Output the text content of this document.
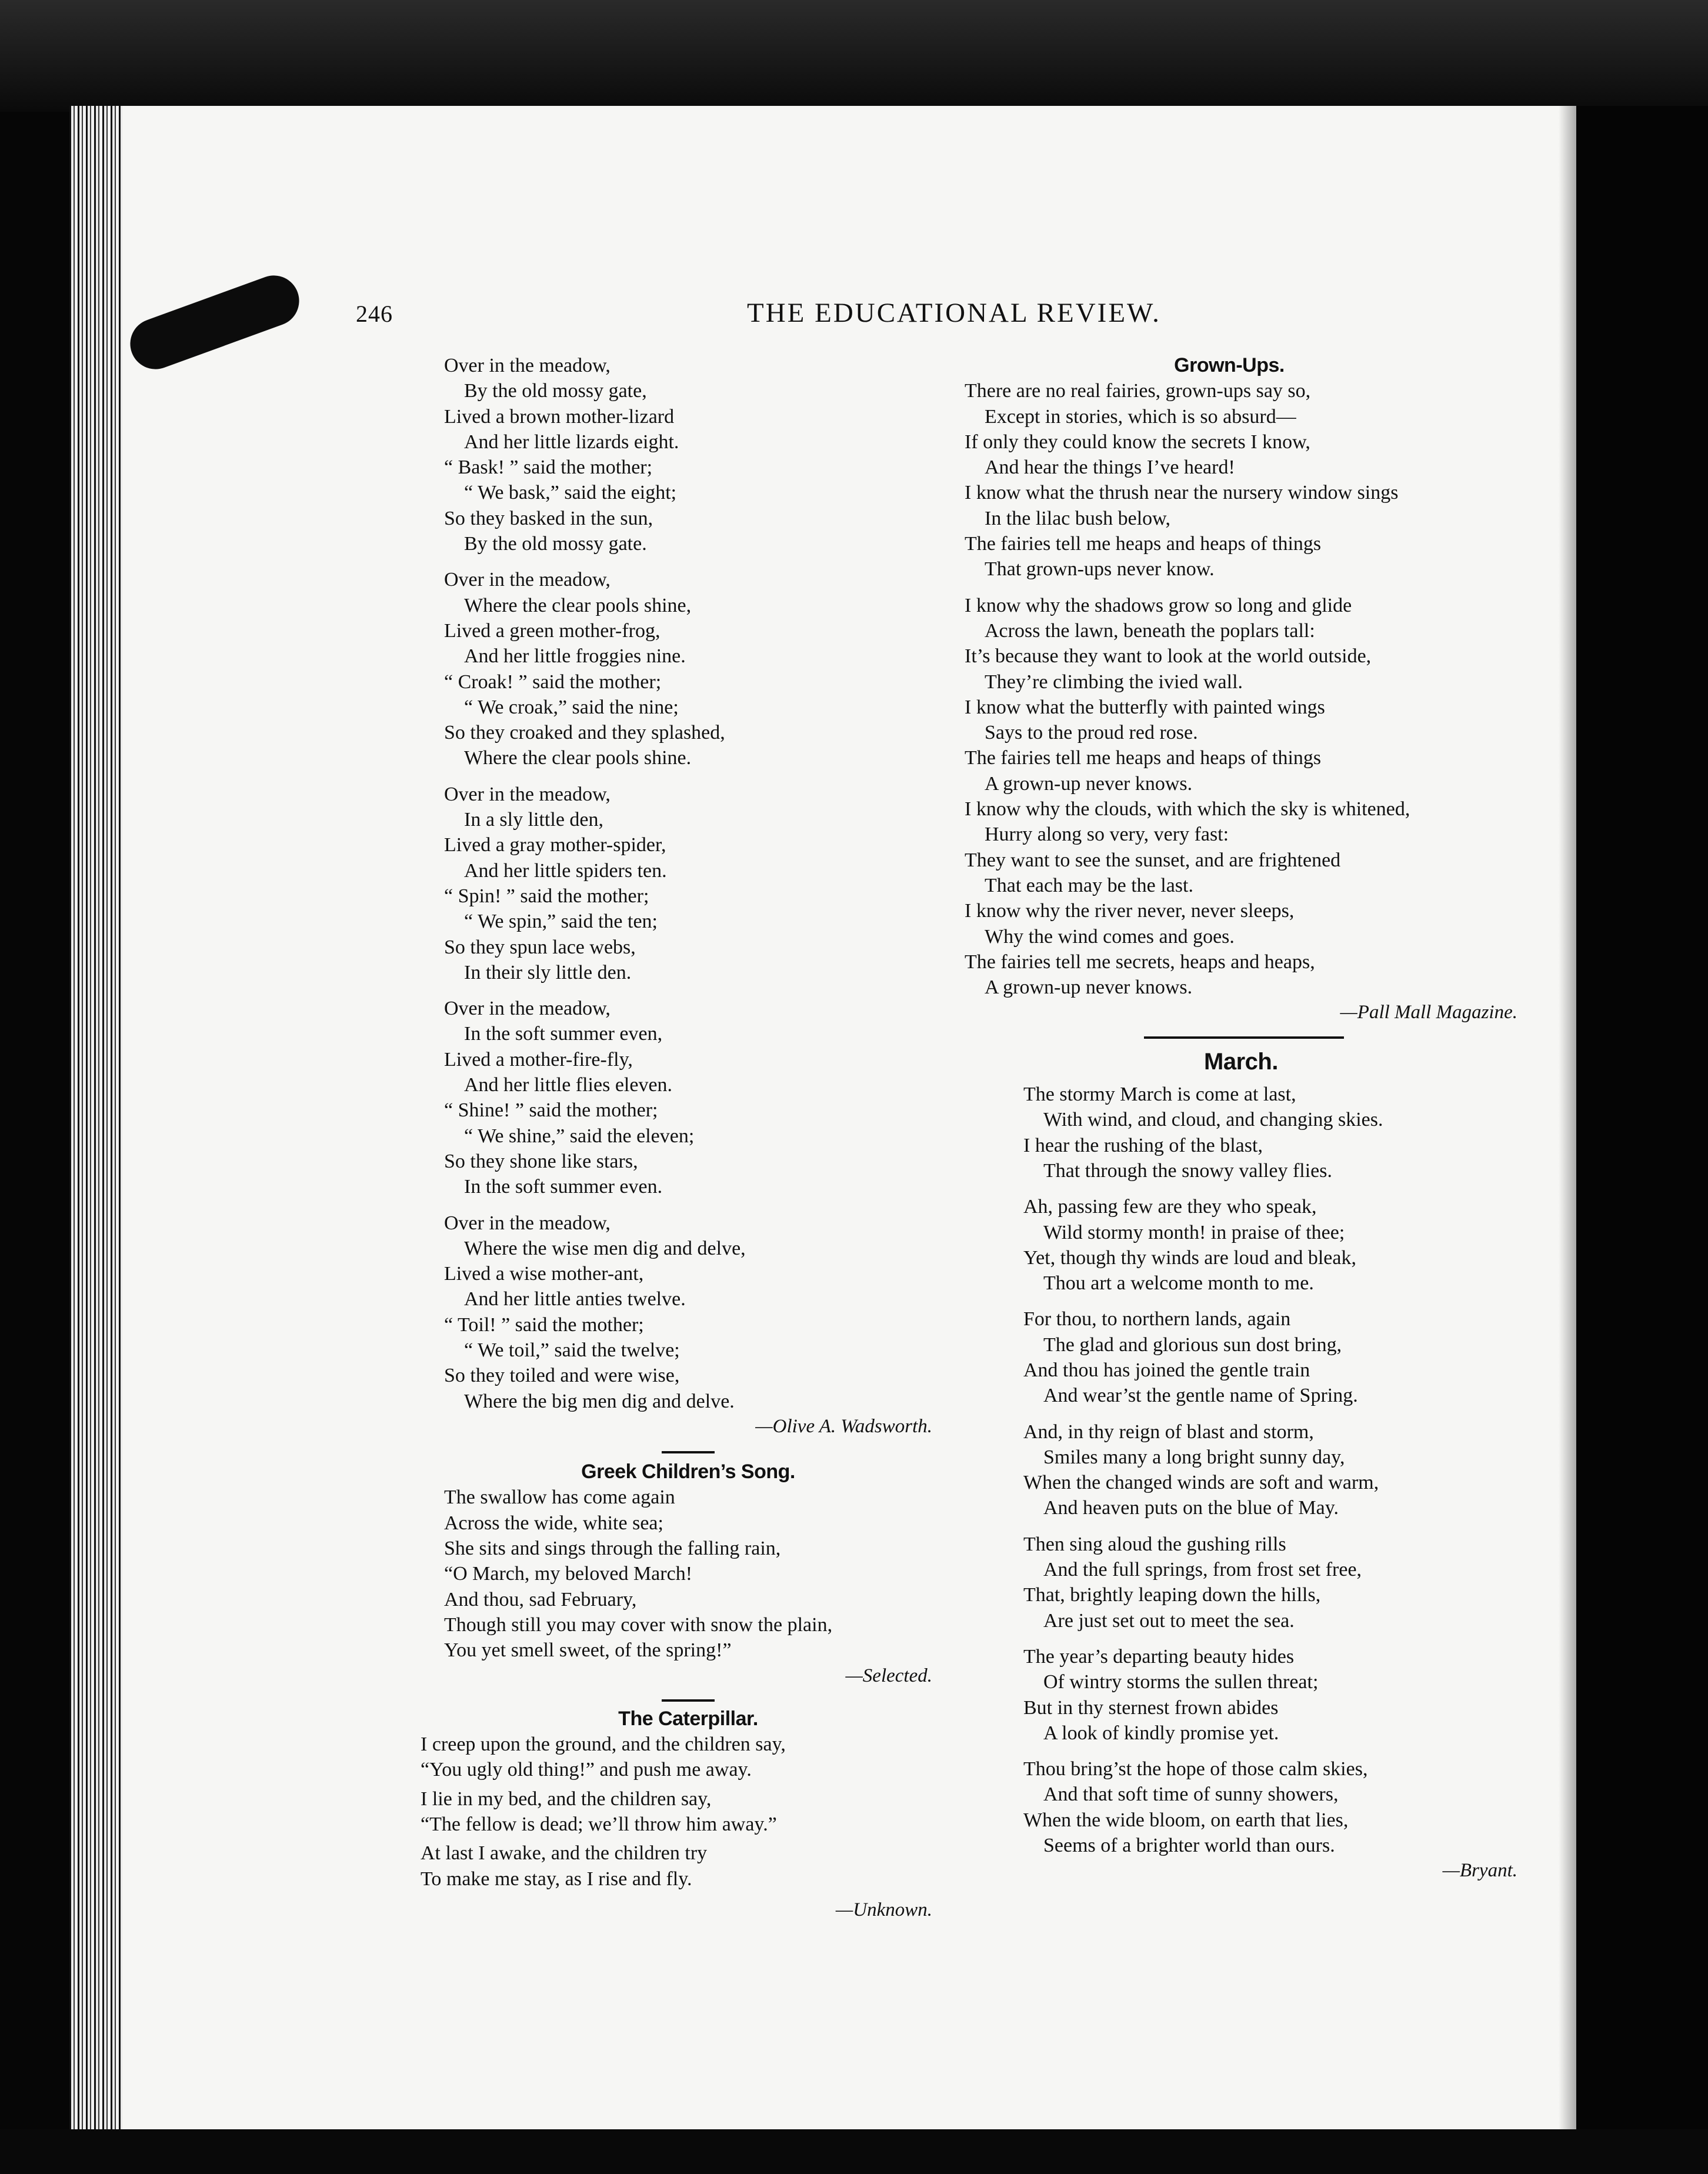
246	THE EDUCATIONAL REVIEW.
Over in the meadow,
By the old mossy gate,
Lived a brown mother-lizard
And her little lizards eight.
“ Bask! ” said the mother;
“ We bask,” said the eight;
So they basked in the sun,
By the old mossy gate.
Over in the meadow,
Where the clear pools shine,
Lived a green mother-frog,
And her little froggies nine.
“ Croak! ” said the mother;
“ We croak,” said the nine;
So they croaked and they splashed,
Where the clear pools shine.
Over in the meadow,
In a sly little den,
Lived a gray mother-spider,
And her little spiders ten.
“ Spin! ” said the mother;
“ We spin,” said the ten;
So they spun lace webs,
In their sly little den.
Over in the meadow,
In the soft summer even,
Lived a mother-fire-fly,
And her little flies eleven.
“ Shine! ” said the mother;
“ We shine,” said the eleven;
So they shone like stars,
In the soft summer even.
Over in the meadow,
Where the wise men dig and delve,
Lived a wise mother-ant,
And her little anties twelve.
“ Toil! ” said the mother;
“ We toil,” said the twelve;
So they toiled and were wise,
Where the big men dig and delve.
—Olive A. Wadsworth.
Greek Children’s Song.
The swallow has come again
Across the wide, white sea;
She sits and sings through the falling rain,
“O March, my beloved March!
And thou, sad February,
Though still you may cover with snow the plain,
You yet smell sweet, of the spring!”
—Selected.
The Caterpillar.
I creep upon the ground, and the children say,
“You ugly old thing!” and push me away.
I lie in my bed, and the children say,
“The fellow is dead; we’ll throw him away.”
At last I awake, and the children try
To make me stay, as I rise and fly.
—Unknown.
Grown-Ups.
There are no real fairies, grown-ups say so,
Except in stories, which is so absurd—
If only they could know the secrets I know,
And hear the things I’ve heard!
I know what the thrush near the nursery window sings
In the lilac bush below,
The fairies tell me heaps and heaps of things
That grown-ups never know.
I know why the shadows grow so long and glide
Across the lawn, beneath the poplars tall:
It’s because they want to look at the world outside,
They’re climbing the ivied wall.
I know what the butterfly with painted wings
Says to the proud red rose.
The fairies tell me heaps and heaps of things
A grown-up never knows.
I know why the clouds, with which the sky is whitened,
Hurry along so very, very fast:
They want to see the sunset, and are frightened
That each may be the last.
I know why the river never, never sleeps,
Why the wind comes and goes.
The fairies tell me secrets, heaps and heaps,
A grown-up never knows.
—Pall Mall Magazine.
March.
The stormy March is come at last,
With wind, and cloud, and changing skies.
I hear the rushing of the blast,
That through the snowy valley flies.
Ah, passing few are they who speak,
Wild stormy month! in praise of thee;
Yet, though thy winds are loud and bleak,
Thou art a welcome month to me.
For thou, to northern lands, again
The glad and glorious sun dost bring,
And thou has joined the gentle train
And wear’st the gentle name of Spring.
And, in thy reign of blast and storm,
Smiles many a long bright sunny day,
When the changed winds are soft and warm,
And heaven puts on the blue of May.
Then sing aloud the gushing rills
And the full springs, from frost set free,
That, brightly leaping down the hills,
Are just set out to meet the sea.
The year’s departing beauty hides
Of wintry storms the sullen threat;
But in thy sternest frown abides
A look of kindly promise yet.
Thou bring’st the hope of those calm skies,
And that soft time of sunny showers,
When the wide bloom, on earth that lies,
Seems of a brighter world than ours.
—Bryant.
